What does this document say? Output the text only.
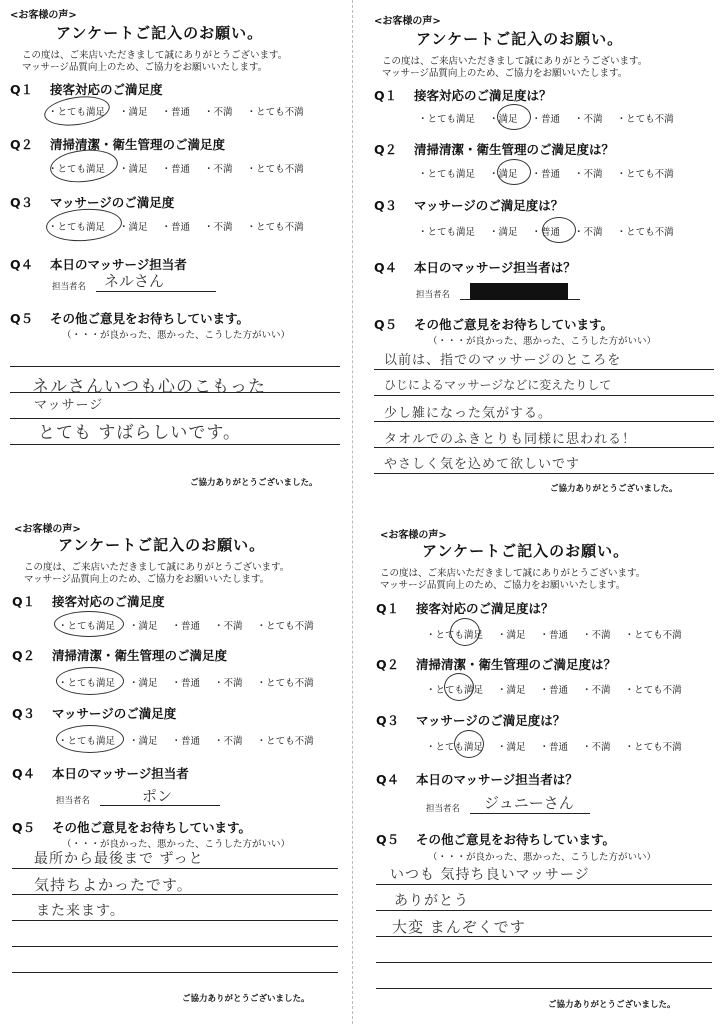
<お客様の声>
アンケートご記入のお願い。
この度は、ご来店いただきまして誠にありがとうございます。
マッサージ品質向上のため、ご協力をお願いいたします。
Q１ 接客対応のご満足度
・とても満足 ・満足 ・普通 ・不満 ・とても不満
Q２ 清掃清潔・衛生管理のご満足度
・とても満足 ・満足 ・普通 ・不満 ・とても不満
Q３ マッサージのご満足度
・とても満足 ・満足 ・普通 ・不満 ・とても不満
Q４ 本日のマッサージ担当者
担当者名 ネルさん
Q５ その他ご意見をお待ちしています。
（・・・が良かった、悪かった、こうした方がいい）
ネルさんいつも心のこもった
マッサージ
とても すばらしいです。
ご協力ありがとうございました。
<お客様の声>
アンケートご記入のお願い。
この度は、ご来店いただきまして誠にありがとうございます。
マッサージ品質向上のため、ご協力をお願いいたします。
Q１ 接客対応のご満足度は？
・とても満足 ・満足 ・普通 ・不満 ・とても不満
Q２ 清掃清潔・衛生管理のご満足度は？
・とても満足 ・満足 ・普通 ・不満 ・とても不満
Q３ マッサージのご満足度は？
・とても満足 ・満足 ・普通 ・不満 ・とても不満
Q４ 本日のマッサージ担当者は？
担当者名
Q５ その他ご意見をお待ちしています。
（・・・が良かった、悪かった、こうした方がいい）
以前は、指でのマッサージのところを
ひじによるマッサージなどに変えたりして
少し雑になった気がする。
タオルでのふきとりも同様に思われる！
やさしく気を込めて欲しいです
ご協力ありがとうございました。
<お客様の声>
アンケートご記入のお願い。
この度は、ご来店いただきまして誠にありがとうございます。
マッサージ品質向上のため、ご協力をお願いいたします。
Q１ 接客対応のご満足度
・とても満足 ・満足 ・普通 ・不満 ・とても不満
Q２ 清掃清潔・衛生管理のご満足度
・とても満足 ・満足 ・普通 ・不満 ・とても不満
Q３ マッサージのご満足度
・とても満足 ・満足 ・普通 ・不満 ・とても不満
Q４ 本日のマッサージ担当者
担当者名	ポン
Q５ その他ご意見をお待ちしています。
（・・・が良かった、悪かった、こうした方がいい）
最所から最後まで ずっと
気持ちよかったです。
また来ます。
ご協力ありがとうございました。
<お客様の声>
アンケートご記入のお願い。
この度は、ご来店いただきまして誠にありがとうございます。
マッサージ品質向上のため、ご協力をお願いいたします。
Q１ 接客対応のご満足度は？
・とても満足 ・満足 ・普通 ・不満 ・とても不満
Q２ 清掃清潔・衛生管理のご満足度は？
・とても満足 ・満足 ・普通 ・不満 ・とても不満
Q３ マッサージのご満足度は？
・とても満足 ・満足 ・普通 ・不満 ・とても不満
Q４ 本日のマッサージ担当者は？
担当者名 ジュニーさん
Q５ その他ご意見をお待ちしています。
（・・・が良かった、悪かった、こうした方がいい）
いつも 気持ち良いマッサージ
ありがとう
大変 まんぞくです
ご協力ありがとうございました。
